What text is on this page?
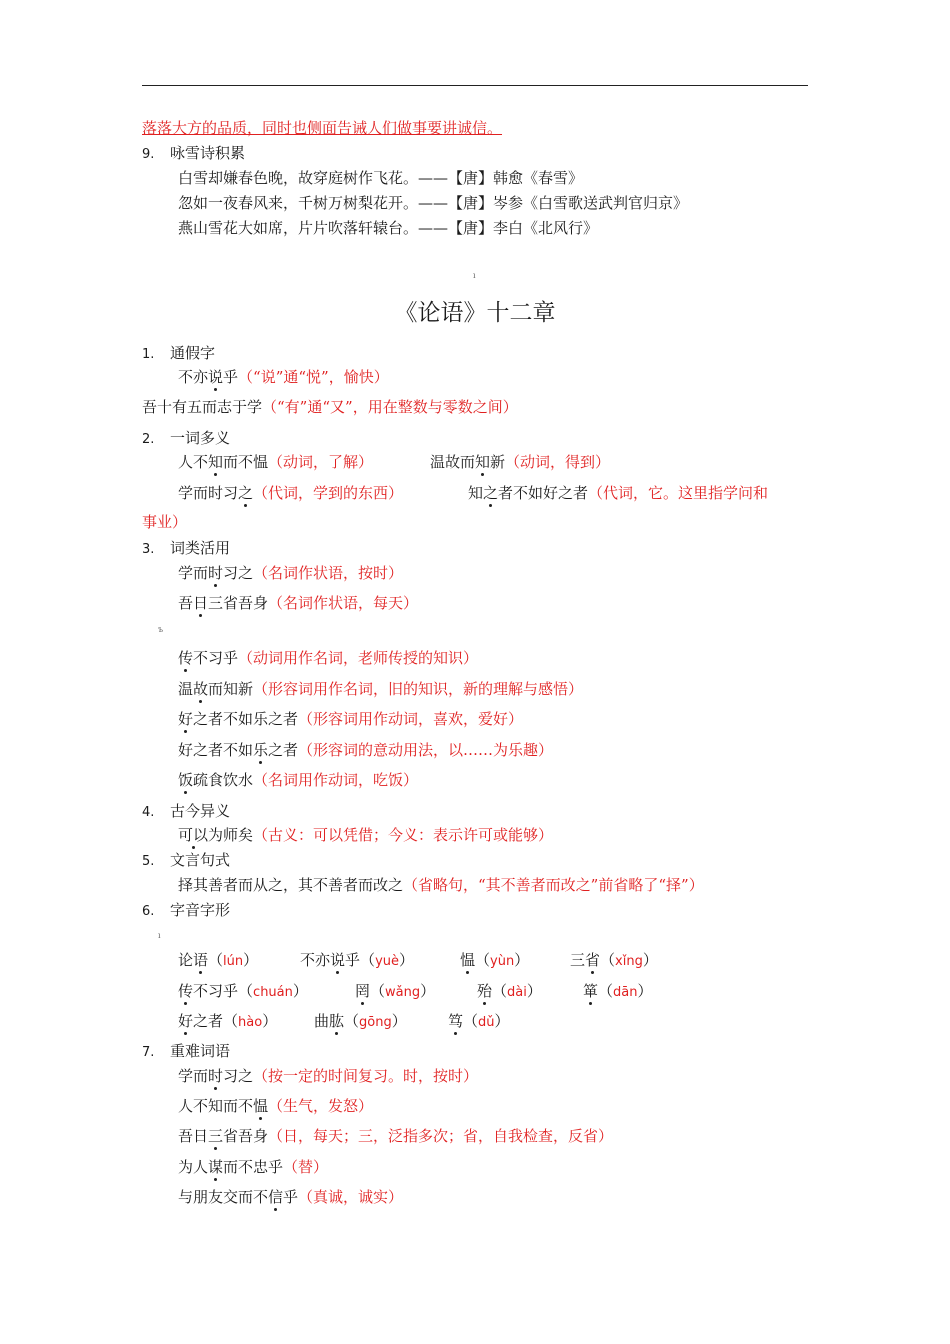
落落大方的品质，同时也侧面告诫人们做事要讲诚信。
9. 咏雪诗积累
白雪却嫌春色晚，故穿庭树作飞花。——【唐】韩愈《春雪》
忽如一夜春风来，千树万树梨花开。——【唐】岑参《白雪歌送武判官归京》
燕山雪花大如席，片片吹落轩辕台。——【唐】李白《北风行》
ı
《论语》十二章
1. 通假字
不亦说乎（“说”通“悦”，愉快）
吾十有五而志于学（“有”通“又”，用在整数与零数之间）
2. 一词多义
人不知而不愠（动词，了解）	温故而知新（动词，得到）
学而时习之（代词，学到的东西）	知之者不如好之者（代词，它。这里指学问和
事业）
3. 词类活用
学而时习之（名词作状语，按时）
吾日三省吾身（名词作状语，每天）
ъ
传不习乎（动词用作名词，老师传授的知识）
温故而知新（形容词用作名词，旧的知识，新的理解与感悟）
好之者不如乐之者（形容词用作动词，喜欢，爱好）
好之者不如乐之者（形容词的意动用法，以……为乐趣）
饭疏食饮水（名词用作动词，吃饭）
4. 古今异义
可以为师矣（古义：可以凭借；今义：表示许可或能够）
5. 文言句式
择其善者而从之，其不善者而改之（省略句，“其不善者而改之”前省略了“择”）
6. 字音字形
ı
论语（lún）	不亦说乎（yuè）	愠（yùn）	三省（xǐng）
传不习乎（chuán）	罔（wǎng）	殆（dài）	箪（dān）
好之者（hào） 曲肱（gōng）	笃（dǔ）
7. 重难词语
学而时习之（按一定的时间复习。时，按时）
人不知而不愠（生气，发怒）
吾日三省吾身（日，每天；三，泛指多次；省，自我检查，反省）
为人谋而不忠乎（替）
与朋友交而不信乎（真诚，诚实）
